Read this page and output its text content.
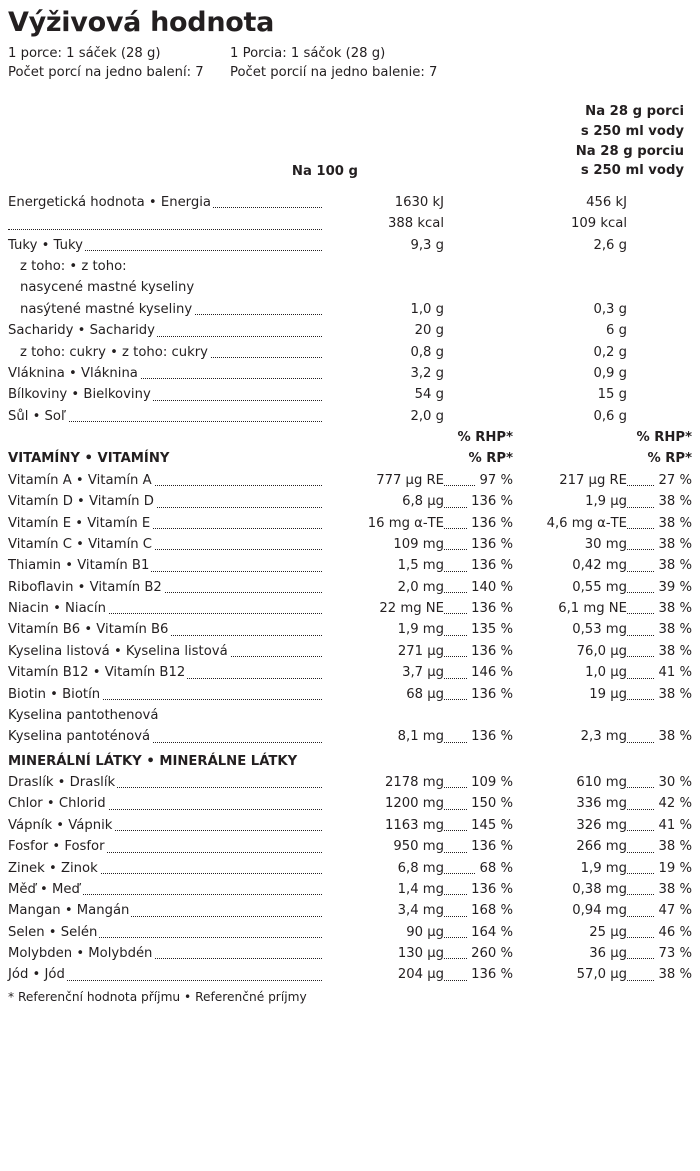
Výživová hodnota
1 porce: 1 sáček (28 g)	1 Porcia: 1 sáčok (28 g)
Počet porcí na jedno balení: 7	Počet porcií na jedno balenie: 7
Na 28 g porci
s 250 ml vody
Na 28 g porciu
s 250 ml vody
Na 100 g
Energetická hodnota • Energia	1630 kJ			456 kJ	

	388 kcal			109 kcal	

Tuky • Tuky	9,3 g			2,6 g	
z toho: • z toho:					
nasycené mastné kyseliny					

nasýtené mastné kyseliny	1,0 g			0,3 g	

Sacharidy • Sacharidy	20 g			6 g	

z toho: cukry • z toho: cukry	0,8 g			0,2 g	

Vláknina • Vláknina	3,2 g			0,9 g	

Bílkoviny • Bielkoviny	54 g			15 g	

Sůl • Soľ	2,0 g			0,6 g	
		% RHP*			% RHP*
VITAMÍNY • VITAMÍNY		% RP*			% RP*
Vitamín A • Vitamín A	777 µg RE	97 %		217 µg RE	27 %

Vitamín D • Vitamín D	6,8 µg	136 %		1,9 µg	38 %

Vitamín E • Vitamín E	16 mg α-TE	136 %		4,6 mg α-TE	38 %

Vitamín C • Vitamín C	109 mg	136 %		30 mg	38 %

Thiamin • Vitamín B1	1,5 mg	136 %		0,42 mg	38 %

Riboflavin • Vitamín B2	2,0 mg	140 %		0,55 mg	39 %

Niacin • Niacín	22 mg NE	136 %		6,1 mg NE	38 %

Vitamín B6 • Vitamín B6	1,9 mg	135 %		0,53 mg	38 %

Kyselina listová • Kyselina listová	271 µg	136 %		76,0 µg	38 %

Vitamín B12 • Vitamín B12	3,7 µg	146 %		1,0 µg	41 %

Biotin • Biotín	68 µg	136 %		19 µg	38 %
Kyselina pantothenová					

Kyselina pantoténová	8,1 mg	136 %		2,3 mg	38 %
MINERÁLNÍ LÁTKY • MINERÁLNE LÁTKY
Draslík • Draslík	2178 mg	109 %		610 mg	30 %

Chlor • Chlorid	1200 mg	150 %		336 mg	42 %

Vápník • Vápnik	1163 mg	145 %		326 mg	41 %

Fosfor • Fosfor	950 mg	136 %		266 mg	38 %

Zinek • Zinok	6,8 mg	68 %		1,9 mg	19 %

Měď • Meď	1,4 mg	136 %		0,38 mg	38 %

Mangan • Mangán	3,4 mg	168 %		0,94 mg	47 %

Selen • Selén	90 µg	164 %		25 µg	46 %

Molybden • Molybdén	130 µg	260 %		36 µg	73 %

Jód • Jód	204 µg	136 %		57,0 µg	38 %
* Referenční hodnota příjmu • Referenčné príjmy
